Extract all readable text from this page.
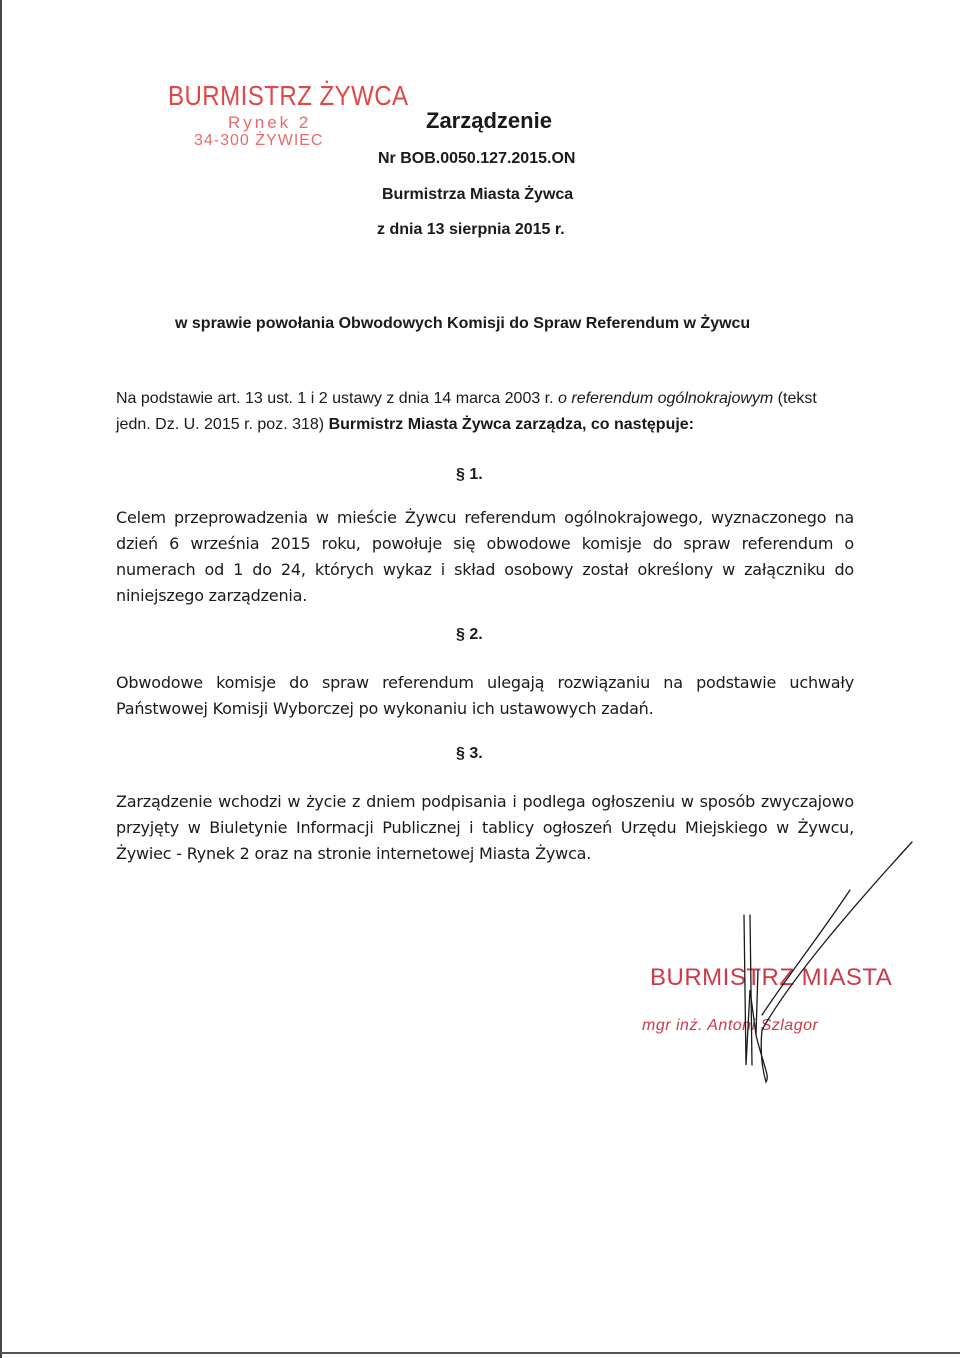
BURMISTRZ ŻYWCA
Rynek 2
34-300 ŻYWIEC
Zarządzenie
Nr BOB.0050.127.2015.ON
Burmistrza Miasta Żywca
z dnia 13 sierpnia 2015 r.
w sprawie powołania Obwodowych Komisji do Spraw Referendum w Żywcu
Na podstawie art. 13 ust. 1 i 2 ustawy z dnia 14 marca 2003 r. o referendum ogólnokrajowym (tekst jedn. Dz. U. 2015 r. poz. 318) Burmistrz Miasta Żywca zarządza, co następuje:
§ 1.
Celem przeprowadzenia w mieście Żywcu referendum ogólnokrajowego, wyznaczonego na dzień 6 września 2015 roku, powołuje się obwodowe komisje do spraw referendum o numerach od 1 do 24, których wykaz i skład osobowy został określony w załączniku do niniejszego zarządzenia.
§ 2.
Obwodowe komisje do spraw referendum ulegają rozwiązaniu na podstawie uchwały Państwowej Komisji Wyborczej po wykonaniu ich ustawowych zadań.
§ 3.
Zarządzenie wchodzi w życie z dniem podpisania i podlega ogłoszeniu w sposób zwyczajowo przyjęty w Biuletynie Informacji Publicznej i tablicy ogłoszeń Urzędu Miejskiego w Żywcu, Żywiec - Rynek 2 oraz na stronie internetowej Miasta Żywca.
BURMISTRZ MIASTA
mgr inż. Antoni Szlagor
